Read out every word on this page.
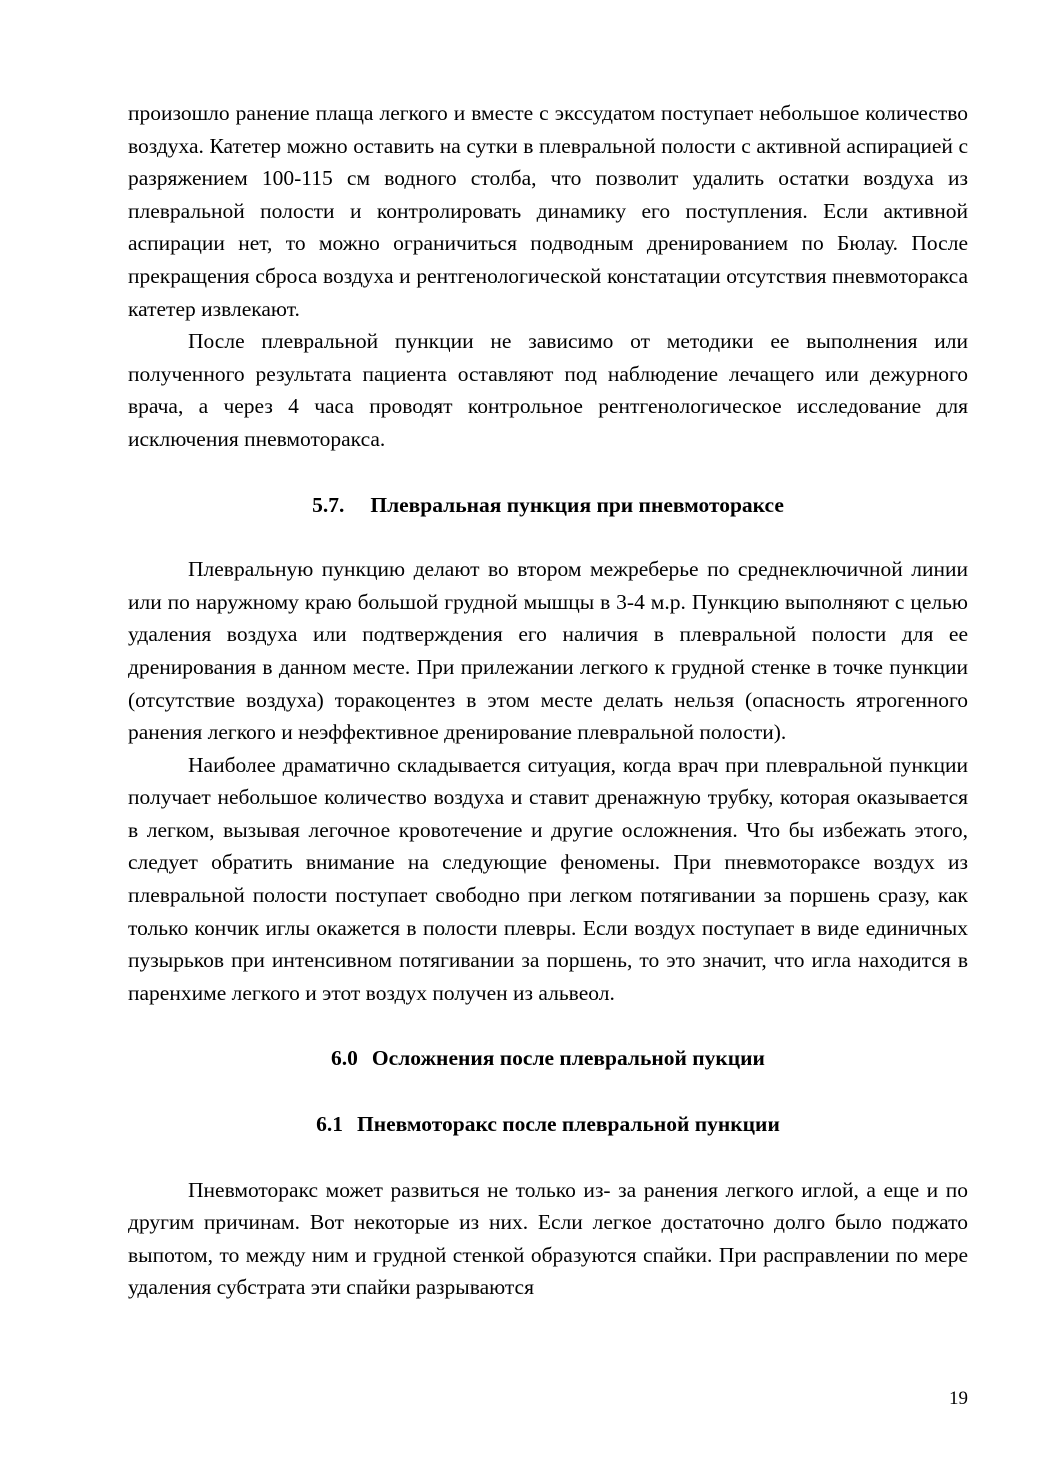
произошло ранение плаща легкого и вместе с экссудатом поступает небольшое количество воздуха. Катетер можно оставить на сутки в плевральной полости с активной аспирацией с разряжением 100-115 см водного столба, что позволит удалить остатки воздуха из плевральной полости и контролировать динамику его поступления. Если активной аспирации нет, то можно ограничиться подводным дренированием по Бюлау. После прекращения сброса воздуха и рентгенологической констатации отсутствия пневмоторакса катетер извлекают.

После плевральной пункции не зависимо от методики ее выполнения или полученного результата пациента оставляют под наблюдение лечащего или дежурного врача, а через 4 часа проводят контрольное рентгенологическое исследование для исключения пневмоторакса.

5.7. Плевральная пункция при пневмотораксе

Плевральную пункцию делают во втором межреберье по среднеключичной линии или по наружному краю большой грудной мышцы в 3-4 м.р. Пункцию выполняют с целью удаления воздуха или подтверждения его наличия в плевральной полости для ее дренирования в данном месте. При прилежании легкого к грудной стенке в точке пункции (отсутствие воздуха) торакоцентез в этом месте делать нельзя (опасность ятрогенного ранения легкого и неэффективное дренирование плевральной полости).

Наиболее драматично складывается ситуация, когда врач при плевральной пункции получает небольшое количество воздуха и ставит дренажную трубку, которая оказывается в легком, вызывая легочное кровотечение и другие осложнения. Что бы избежать этого, следует обратить внимание на следующие феномены. При пневмотораксе воздух из плевральной полости поступает свободно при легком потягивании за поршень сразу, как только кончик иглы окажется в полости плевры. Если воздух поступает в виде единичных пузырьков при интенсивном потягивании за поршень, то это значит, что игла находится в паренхиме легкого и этот воздух получен из альвеол.

6.0 Осложнения после плевральной пукции
6.1 Пневмоторакс после плевральной пункции

Пневмоторакс может развиться не только из- за ранения легкого иглой, а еще и по другим причинам. Вот некоторые из них. Если легкое достаточно долго было поджато выпотом, то между ним и грудной стенкой образуются спайки. При расправлении по мере удаления субстрата эти спайки разрываются

19
